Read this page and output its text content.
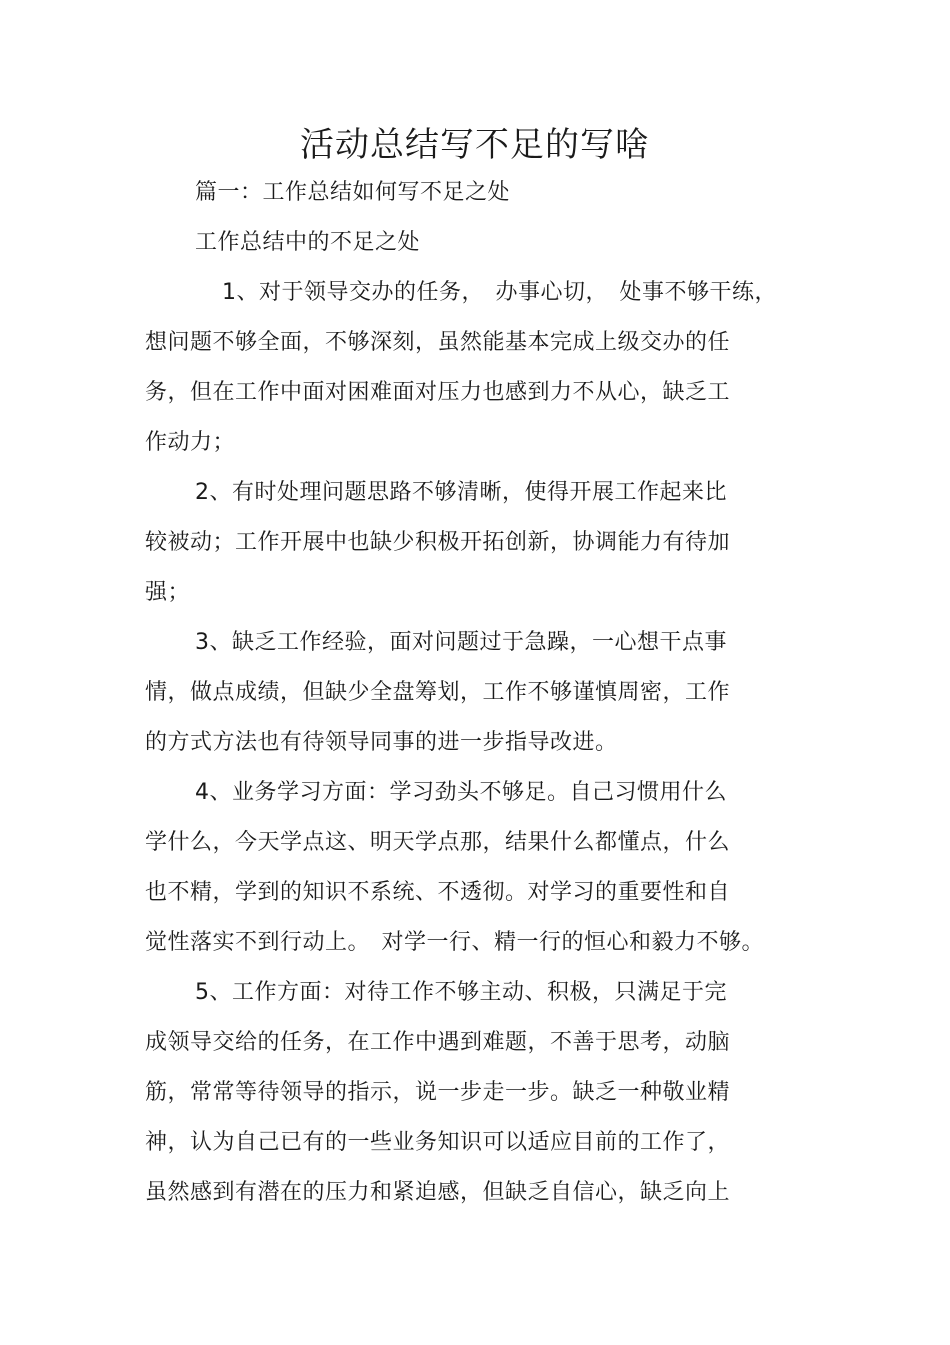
活动总结写不足的写啥
篇一：工作总结如何写不足之处
工作总结中的不足之处
1、对于领导交办的任务，　办事心切，　处事不够干练，
想问题不够全面，不够深刻，虽然能基本完成上级交办的任
务，但在工作中面对困难面对压力也感到力不从心，缺乏工
作动力；
2、有时处理问题思路不够清晰，使得开展工作起来比
较被动；工作开展中也缺少积极开拓创新，协调能力有待加
强；
3、缺乏工作经验，面对问题过于急躁，一心想干点事
情，做点成绩，但缺少全盘筹划，工作不够谨慎周密，工作
的方式方法也有待领导同事的进一步指导改进。
4、业务学习方面：学习劲头不够足。自己习惯用什么
学什么，今天学点这、明天学点那，结果什么都懂点，什么
也不精，学到的知识不系统、不透彻。对学习的重要性和自
觉性落实不到行动上。　对学一行、精一行的恒心和毅力不够。
5、工作方面：对待工作不够主动、积极，只满足于完
成领导交给的任务，在工作中遇到难题，不善于思考，动脑
筋，常常等待领导的指示，说一步走一步。缺乏一种敬业精
神，认为自己已有的一些业务知识可以适应目前的工作了，
虽然感到有潜在的压力和紧迫感，但缺乏自信心，缺乏向上
